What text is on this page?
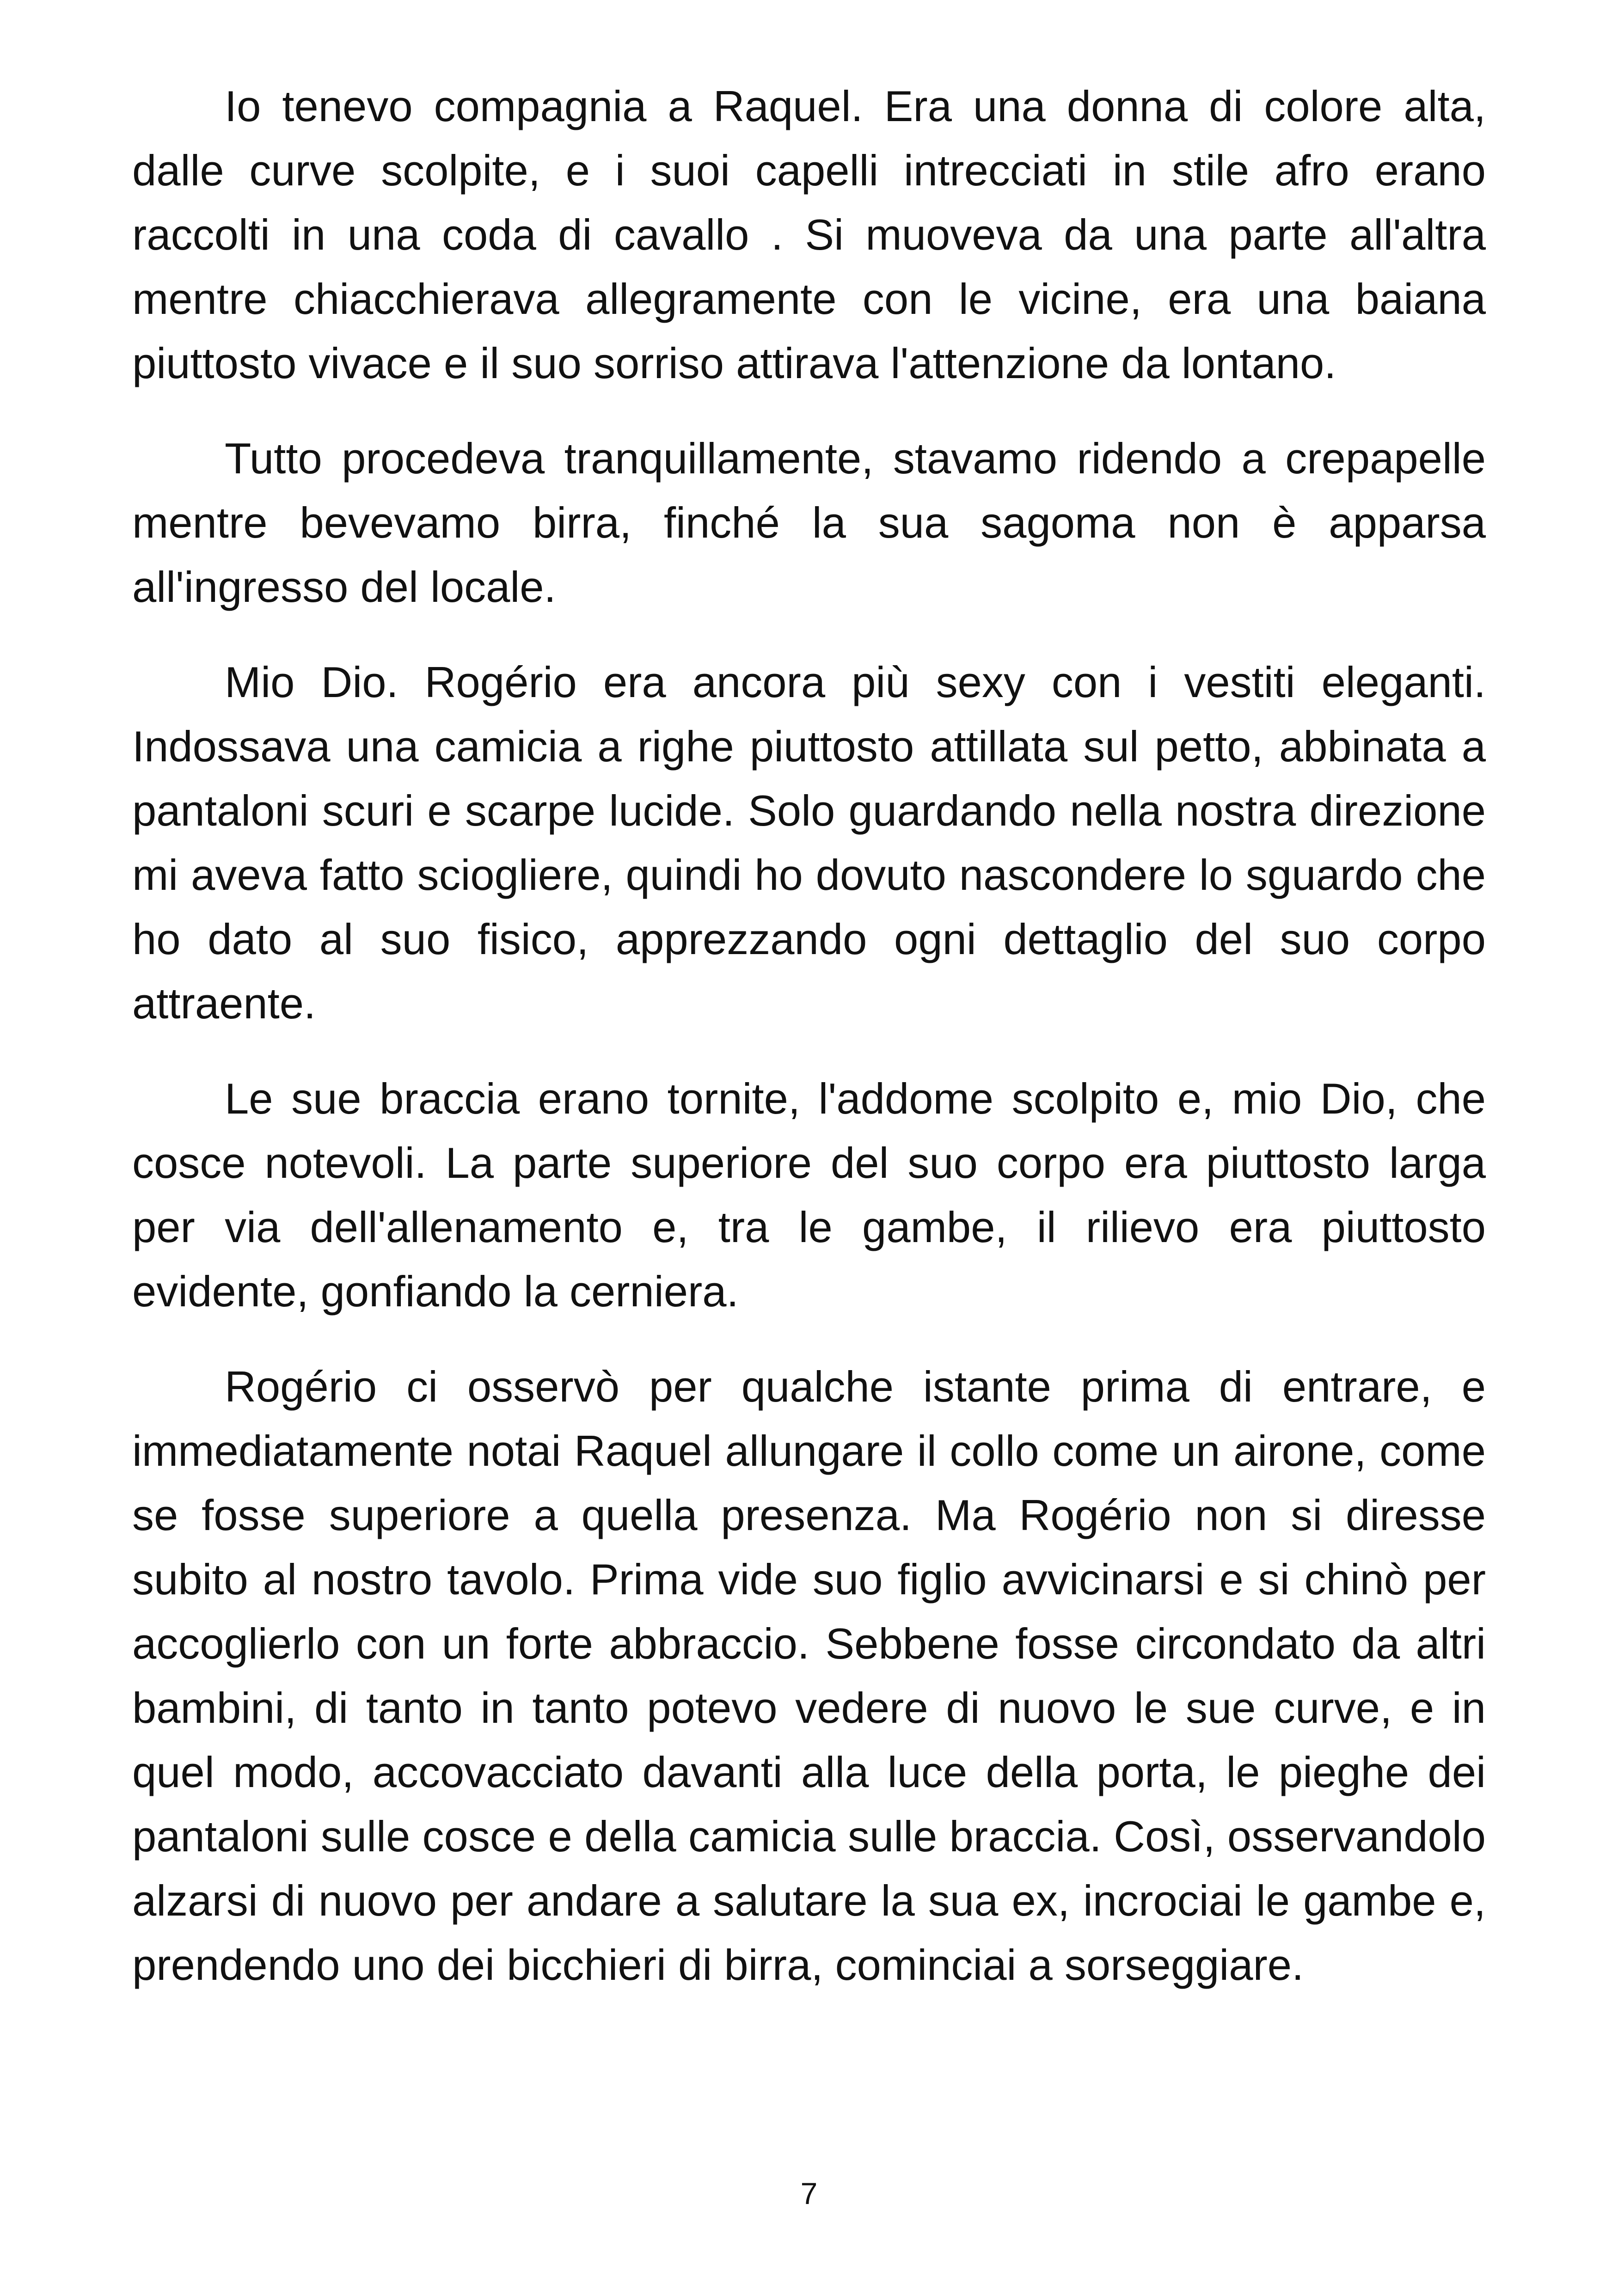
Io tenevo compagnia a Raquel. Era una donna di colore alta, dalle curve scolpite, e i suoi capelli intrecciati in stile afro erano raccolti in una coda di cavallo . Si muoveva da una parte all'altra mentre chiacchierava allegramente con le vicine, era una baiana piuttosto vivace e il suo sorriso attirava l'attenzione da lontano.

Tutto procedeva tranquillamente, stavamo ridendo a crepapelle mentre bevevamo birra, finché la sua sagoma non è apparsa all'ingresso del locale.

Mio Dio. Rogério era ancora più sexy con i vestiti eleganti. Indossava una camicia a righe piuttosto attillata sul petto, abbinata a pantaloni scuri e scarpe lucide. Solo guardando nella nostra direzione mi aveva fatto sciogliere, quindi ho dovuto nascondere lo sguardo che ho dato al suo fisico, apprezzando ogni dettaglio del suo corpo attraente.

Le sue braccia erano tornite, l'addome scolpito e, mio Dio, che cosce notevoli. La parte superiore del suo corpo era piuttosto larga per via dell'allenamento e, tra le gambe, il rilievo era piuttosto evidente, gonfiando la cerniera.

Rogério ci osservò per qualche istante prima di entrare, e immediatamente notai Raquel allungare il collo come un airone, come se fosse superiore a quella presenza. Ma Rogério non si diresse subito al nostro tavolo. Prima vide suo figlio avvicinarsi e si chinò per accoglierlo con un forte abbraccio. Sebbene fosse circondato da altri bambini, di tanto in tanto potevo vedere di nuovo le sue curve, e in quel modo, accovacciato davanti alla luce della porta, le pieghe dei pantaloni sulle cosce e della camicia sulle braccia. Così, osservandolo alzarsi di nuovo per andare a salutare la sua ex, incrociai le gambe e, prendendo uno dei bicchieri di birra, cominciai a sorseggiare.

7
